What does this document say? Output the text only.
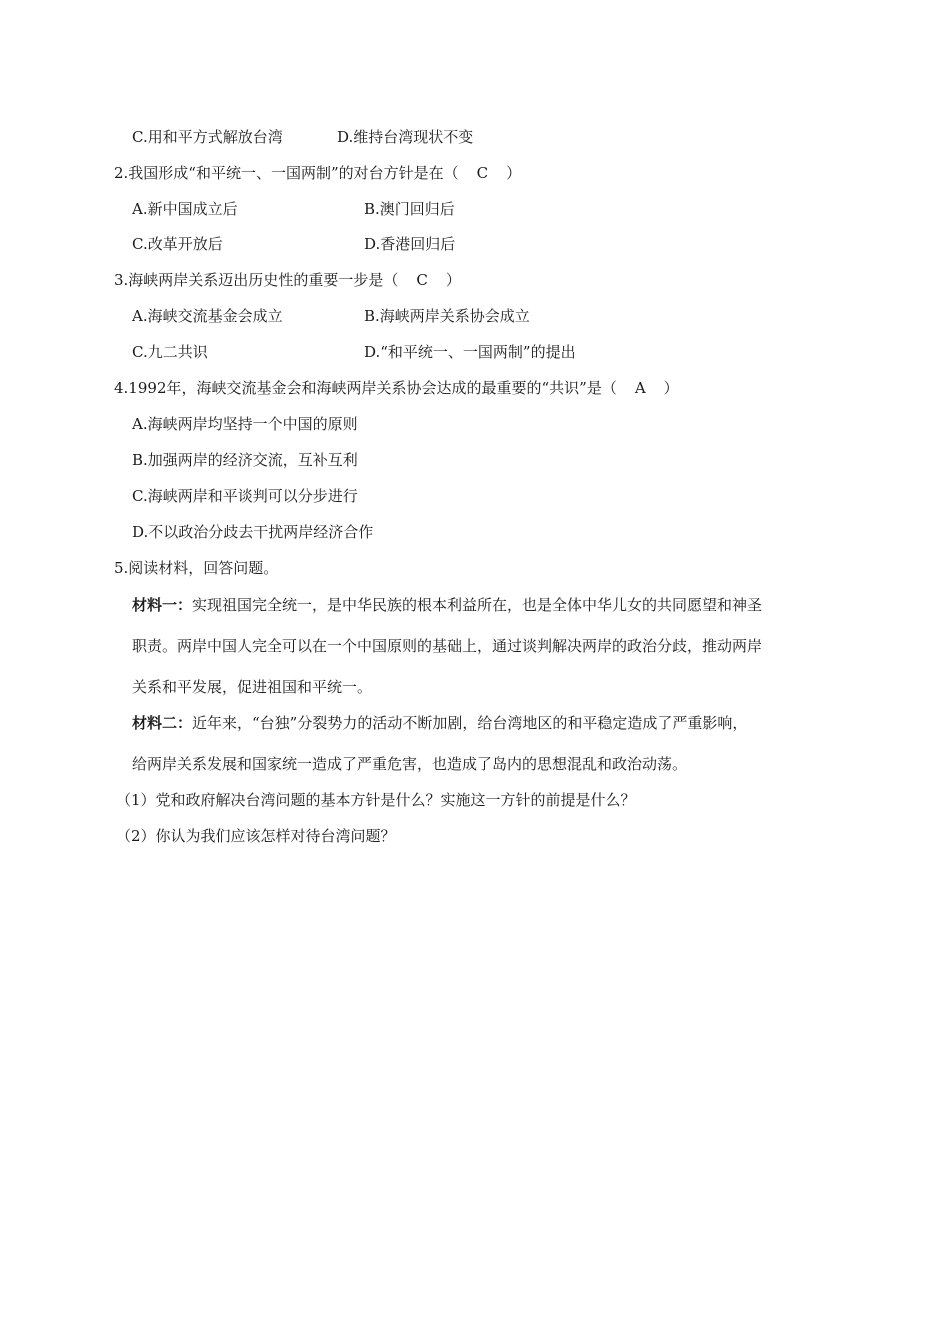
C.用和平方式解放台湾	D.维持台湾现状不变
2.我国形成“和平统一、一国两制”的对台方针是在（ C ）
A.新中国成立后	B.澳门回归后
C.改革开放后	D.香港回归后
3.海峡两岸关系迈出历史性的重要一步是（ C ）
A.海峡交流基金会成立	B.海峡两岸关系协会成立
C.九二共识	D.“和平统一、一国两制”的提出
4.1992年，海峡交流基金会和海峡两岸关系协会达成的最重要的“共识”是（ A ）
A.海峡两岸均坚持一个中国的原则
B.加强两岸的经济交流，互补互利
C.海峡两岸和平谈判可以分步进行
D.不以政治分歧去干扰两岸经济合作
5.阅读材料，回答问题。
材料一：实现祖国完全统一，是中华民族的根本利益所在，也是全体中华儿女的共同愿望和神圣
职责。两岸中国人完全可以在一个中国原则的基础上，通过谈判解决两岸的政治分歧，推动两岸
关系和平发展，促进祖国和平统一。
材料二：近年来，“台独”分裂势力的活动不断加剧，给台湾地区的和平稳定造成了严重影响，
给两岸关系发展和国家统一造成了严重危害，也造成了岛内的思想混乱和政治动荡。
（1）党和政府解决台湾问题的基本方针是什么？实施这一方针的前提是什么？
（2）你认为我们应该怎样对待台湾问题？
